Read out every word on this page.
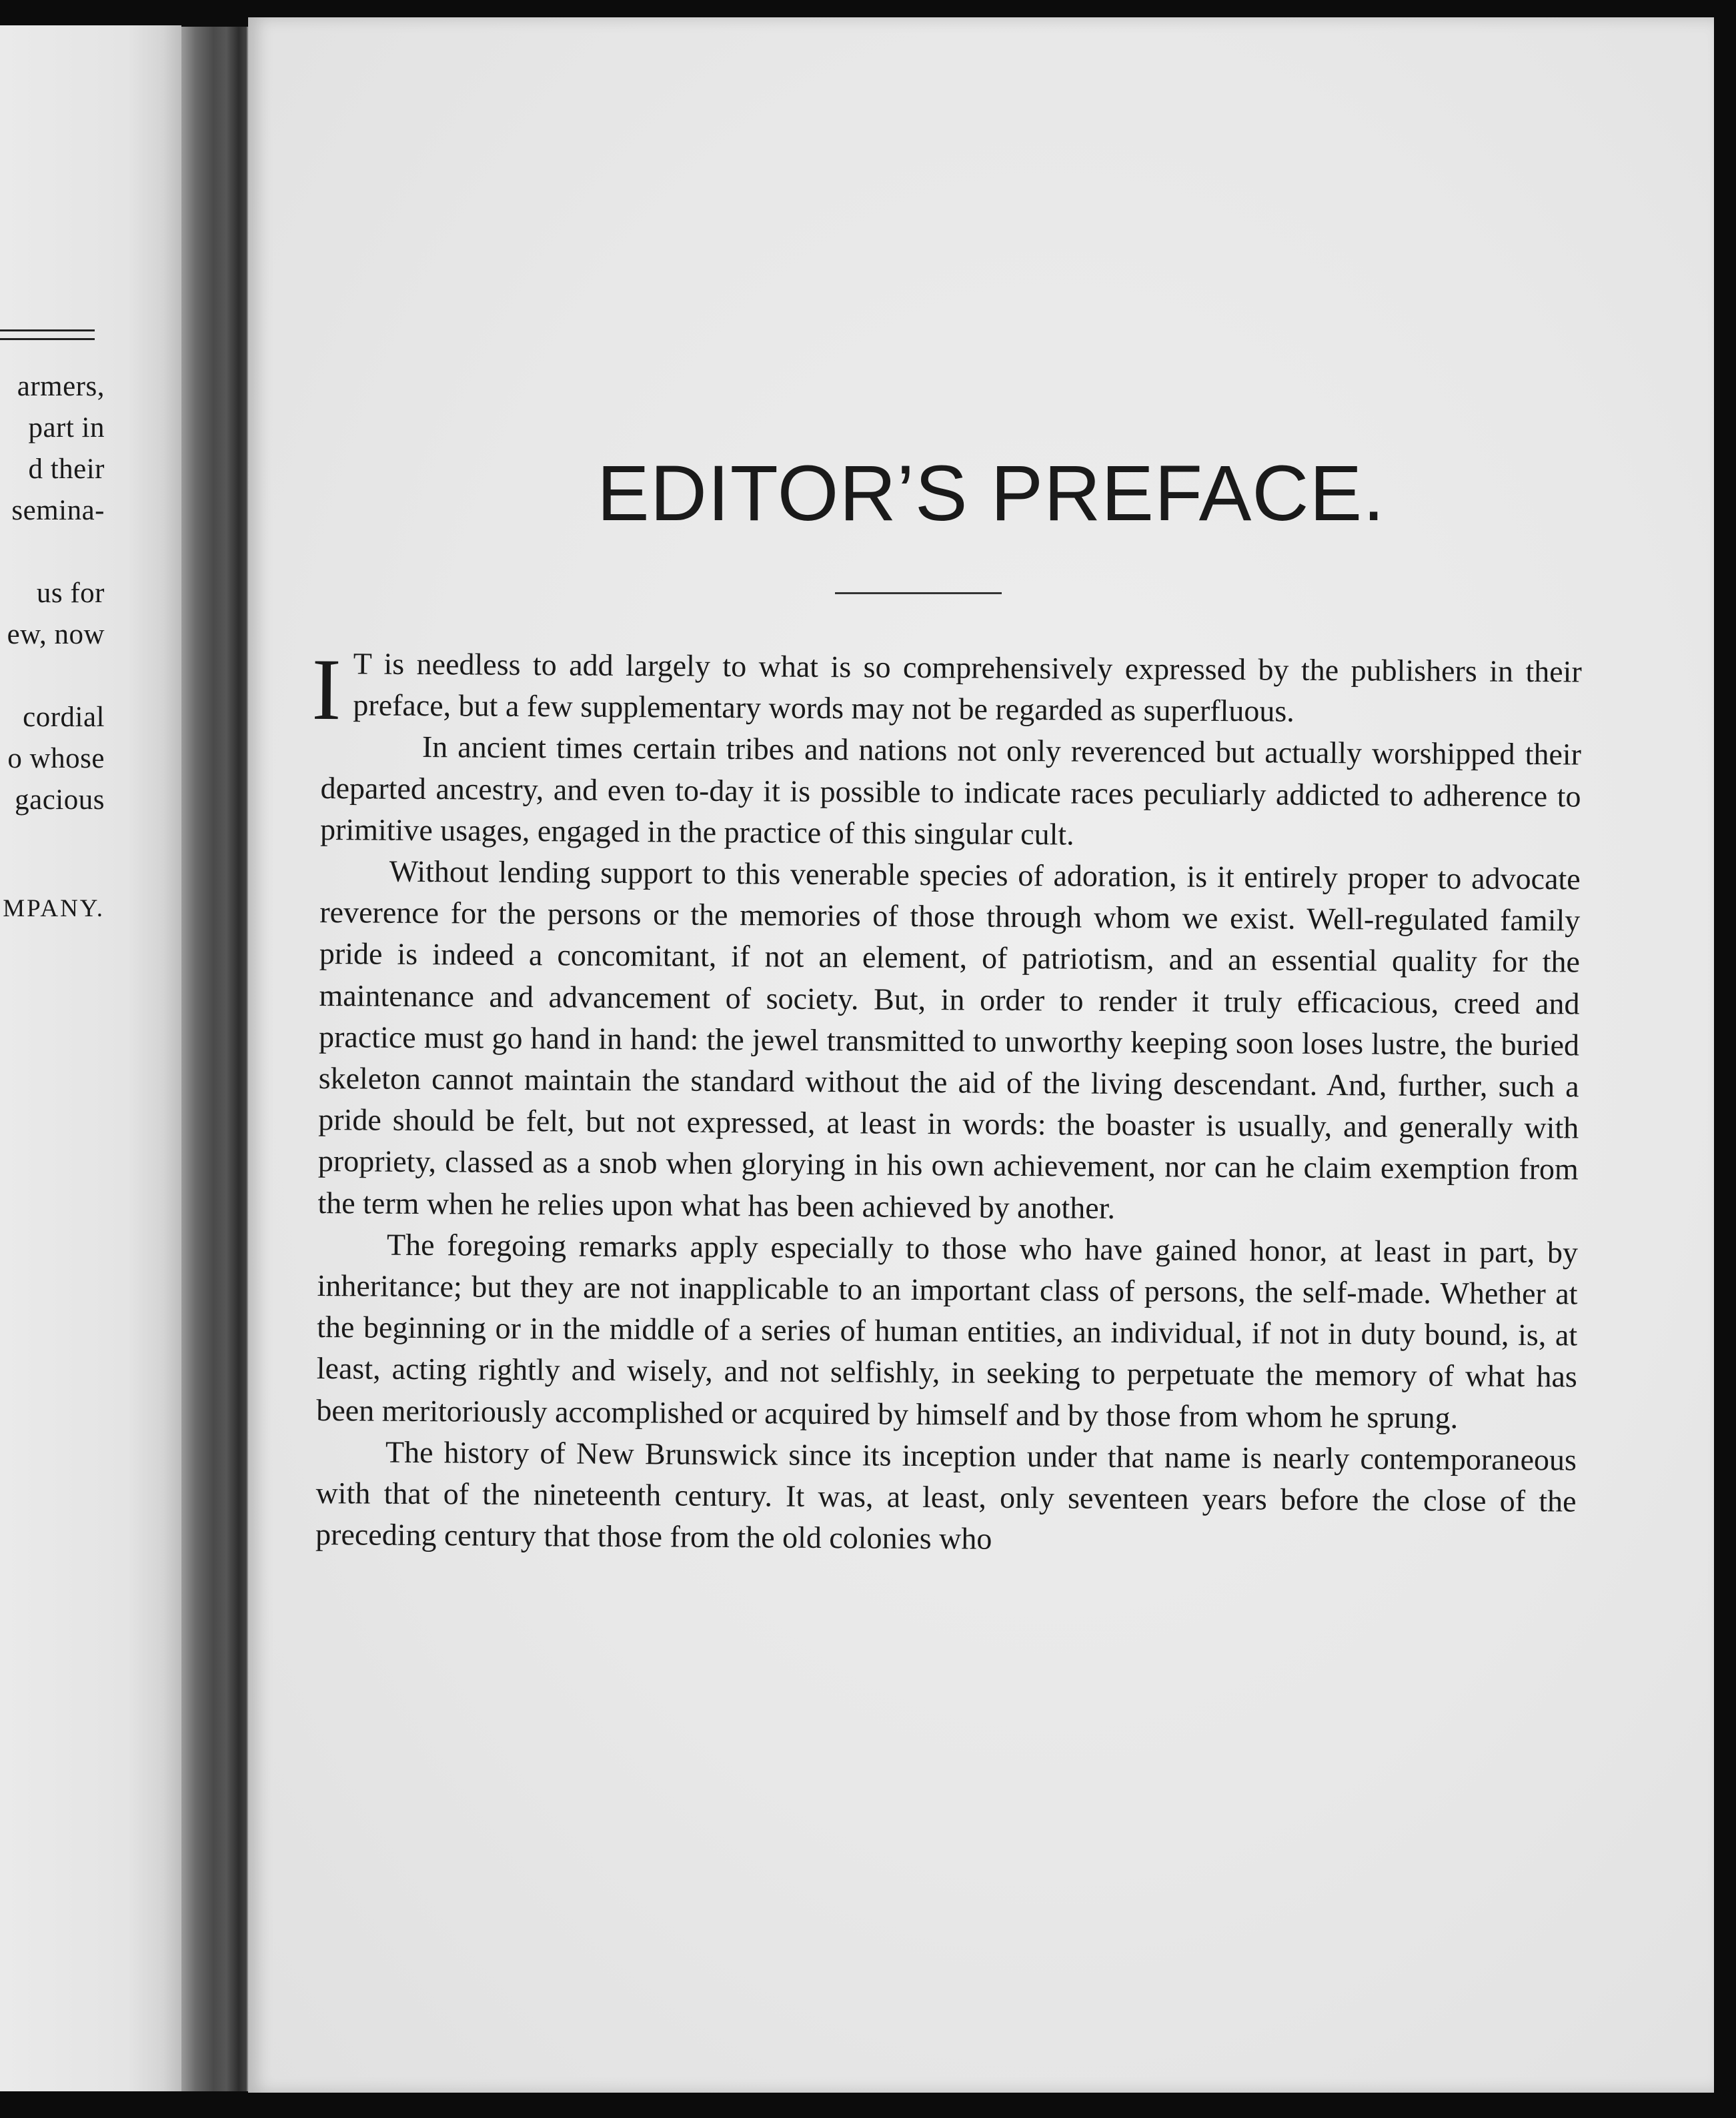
armers,
part in
d their
semina-
us for
ew, now
cordial
o whose
gacious
MPANY.
EDITOR’S PREFACE.

I T is needless to add largely to what is so comprehensively expressed by the publishers in their preface, but a few supplementary words may not be regarded as superfluous.

In ancient times certain tribes and nations not only reverenced but actually worshipped their departed ancestry, and even to-day it is possible to indicate races peculiarly addicted to adherence to primitive usages, engaged in the practice of this singular cult.

Without lending support to this venerable species of adoration, is it entirely proper to advocate reverence for the persons or the memories of those through whom we exist. Well-regulated family pride is indeed a concomitant, if not an element, of patriotism, and an essential quality for the maintenance and advancement of society. But, in order to render it truly efficacious, creed and practice must go hand in hand: the jewel transmitted to unworthy keeping soon loses lustre, the buried skeleton cannot maintain the standard without the aid of the living descendant. And, further, such a pride should be felt, but not expressed, at least in words: the boaster is usually, and generally with propriety, classed as a snob when glorying in his own achievement, nor can he claim exemption from the term when he relies upon what has been achieved by another.

The foregoing remarks apply especially to those who have gained honor, at least in part, by inheritance; but they are not inapplicable to an important class of persons, the self-made. Whether at the beginning or in the middle of a series of human entities, an individual, if not in duty bound, is, at least, acting rightly and wisely, and not selfishly, in seeking to perpetuate the memory of what has been meritoriously accomplished or acquired by himself and by those from whom he sprung.

The history of New Brunswick since its inception under that name is nearly contemporaneous with that of the nineteenth century. It was, at least, only seventeen years before the close of the preceding century that those from the old colonies who
